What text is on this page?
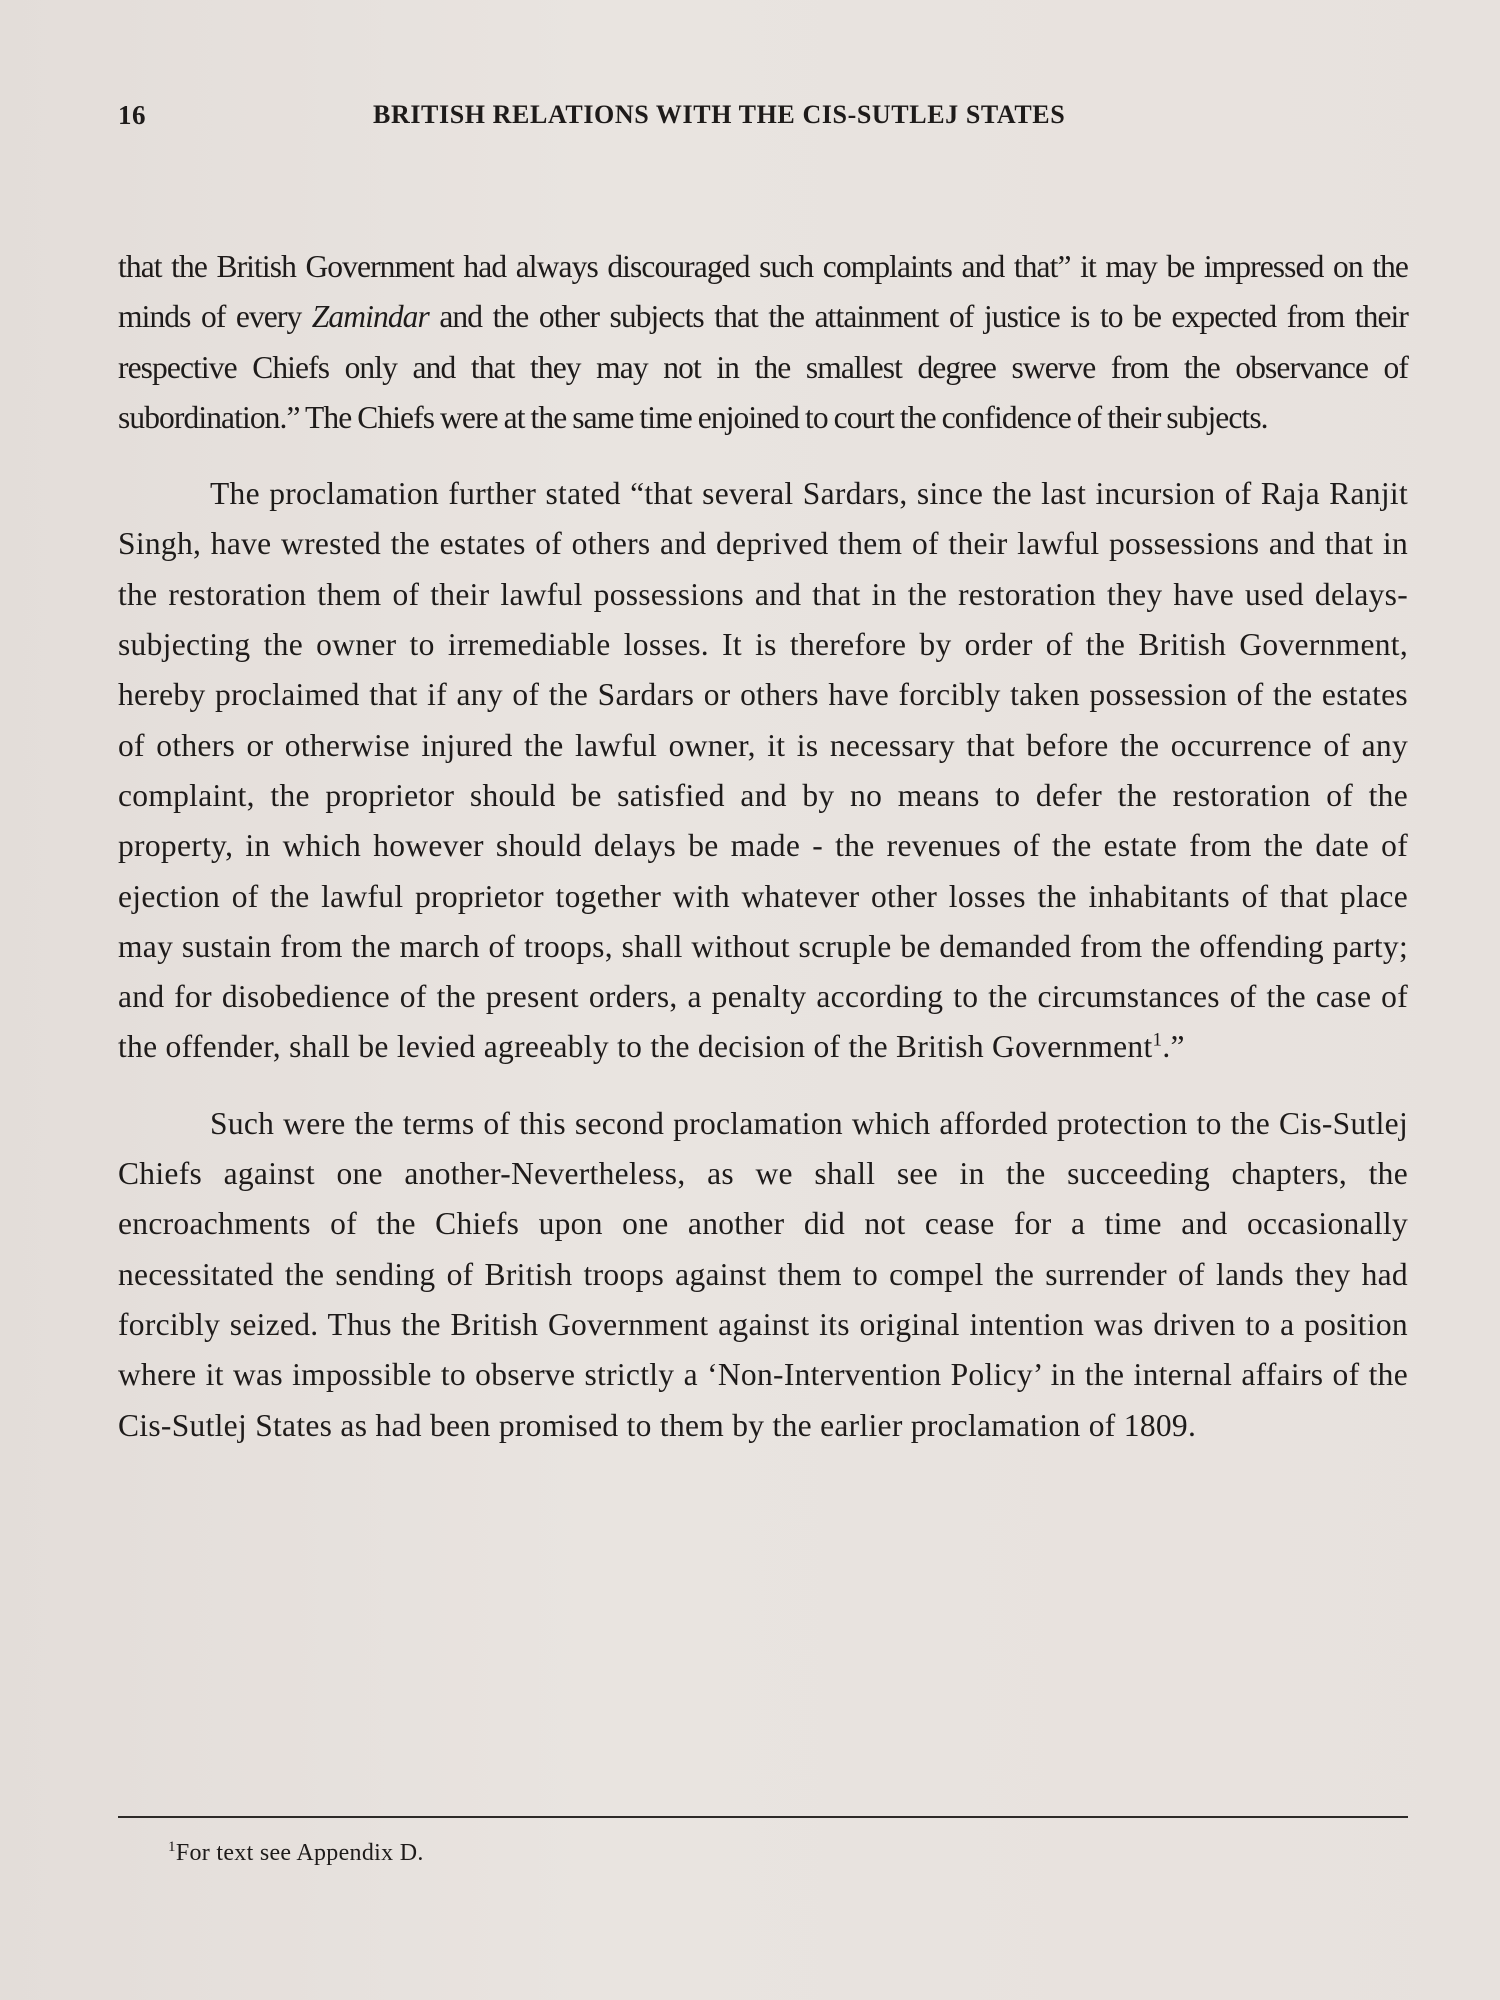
16	BRITISH RELATIONS WITH THE CIS-SUTLEJ STATES

that the British Government had always discouraged such complaints and that” it may be impressed on the minds of every Zamindar and the other subjects that the attainment of justice is to be expected from their respective Chiefs only and that they may not in the smallest degree swerve from the observance of subordination.” The Chiefs were at the same time enjoined to court the confidence of their subjects.

The proclamation further stated “that several Sardars, since the last incursion of Raja Ranjit Singh, have wrested the estates of others and deprived them of their lawful possessions and that in the restoration them of their lawful possessions and that in the restoration they have used delays-subjecting the owner to irremediable losses. It is therefore by order of the British Government, hereby proclaimed that if any of the Sardars or others have forcibly taken possession of the estates of others or otherwise injured the lawful owner, it is necessary that before the occurrence of any complaint, the proprietor should be satisfied and by no means to defer the restoration of the property, in which however should delays be made - the revenues of the estate from the date of ejection of the lawful proprietor together with whatever other losses the inhabitants of that place may sustain from the march of troops, shall without scruple be demanded from the offending party; and for disobedience of the present orders, a penalty according to the circumstances of the case of the offender, shall be levied agreeably to the decision of the British Government$^1$.”

Such were the terms of this second proclamation which afforded protection to the Cis-Sutlej Chiefs against one another-Nevertheless, as we shall see in the succeeding chapters, the encroachments of the Chiefs upon one another did not cease for a time and occasionally necessitated the sending of British troops against them to compel the surrender of lands they had forcibly seized. Thus the British Government against its original intention was driven to a position where it was impossible to observe strictly a ‘Non-Intervention Policy’ in the internal affairs of the Cis-Sutlej States as had been promised to them by the earlier proclamation of 1809.

$^1$For text see Appendix D.
